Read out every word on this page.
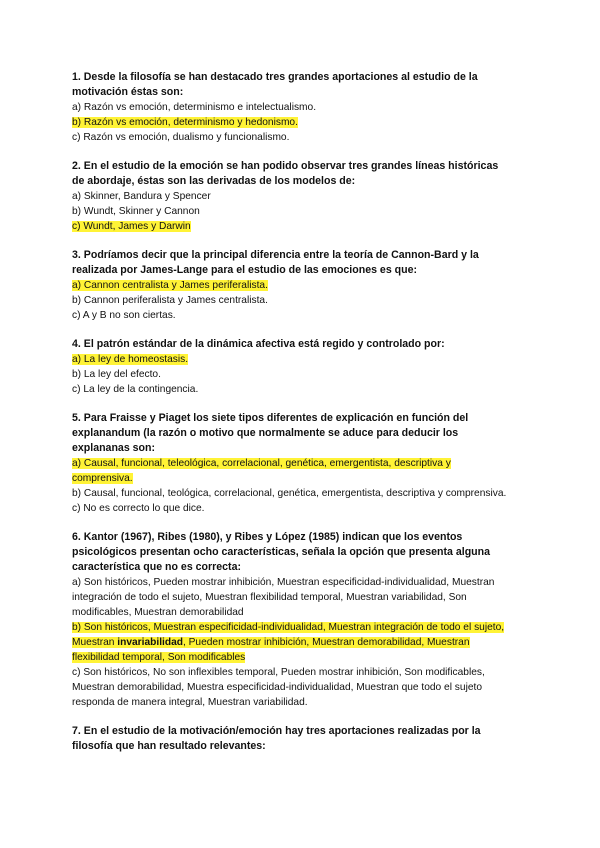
1. Desde la filosofía se han destacado tres grandes aportaciones al estudio de la motivación éstas son:

a) Razón vs emoción, determinismo e intelectualismo.

b) Razón vs emoción, determinismo y hedonismo.

c) Razón vs emoción, dualismo y funcionalismo.

2. En el estudio de la emoción se han podido observar tres grandes líneas históricas de abordaje, éstas son las derivadas de los modelos de:

a) Skinner, Bandura y Spencer

b) Wundt, Skinner y Cannon

c) Wundt, James y Darwin

3. Podríamos decir que la principal diferencia entre la teoría de Cannon-Bard y la realizada por James-Lange para el estudio de las emociones es que:

a) Cannon centralista y James periferalista.

b) Cannon periferalista y James centralista.

c) A y B no son ciertas.

4. El patrón estándar de la dinámica afectiva está regido y controlado por:

a) La ley de homeostasis.

b) La ley del efecto.

c) La ley de la contingencia.

5. Para Fraisse y Piaget los siete tipos diferentes de explicación en función del explanandum (la razón o motivo que normalmente se aduce para deducir los explananas son:

a) Causal, funcional, teleológica, correlacional, genética, emergentista, descriptiva y comprensiva.

b) Causal, funcional, teológica, correlacional, genética, emergentista, descriptiva y comprensiva.

c) No es correcto lo que dice.

6. Kantor (1967), Ribes (1980), y Ribes y López (1985) indican que los eventos psicológicos presentan ocho características, señala la opción que presenta alguna característica que no es correcta:

a) Son históricos, Pueden mostrar inhibición, Muestran especificidad-individualidad, Muestran integración de todo el sujeto, Muestran flexibilidad temporal, Muestran variabilidad, Son modificables, Muestran demorabilidad

b) Son históricos, Muestran especificidad-individualidad, Muestran integración de todo el sujeto, Muestran invariabilidad, Pueden mostrar inhibición, Muestran demorabilidad, Muestran flexibilidad temporal, Son modificables

c) Son históricos, No son inflexibles temporal, Pueden mostrar inhibición, Son modificables, Muestran demorabilidad, Muestra especificidad-individualidad, Muestran que todo el sujeto responda de manera integral, Muestran variabilidad.

7. En el estudio de la motivación/emoción hay tres aportaciones realizadas por la filosofía que han resultado relevantes:
